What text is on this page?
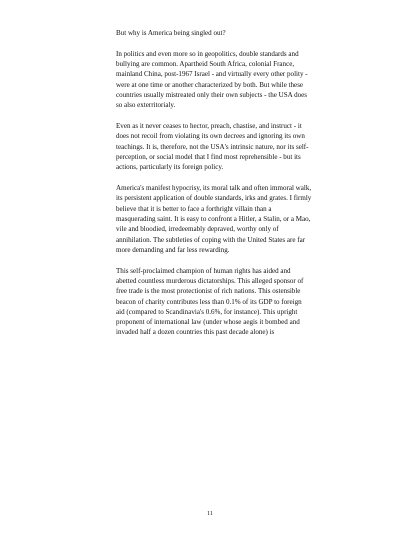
But why is America being singled out?

In politics and even more so in geopolitics, double standards and bullying are common. Apartheid South Africa, colonial France, mainland China, post-1967 Israel - and virtually every other polity - were at one time or another characterized by both. But while these countries usually mistreated only their own subjects - the USA does so also exterritorialy.

Even as it never ceases to hector, preach, chastise, and instruct - it does not recoil from violating its own decrees and ignoring its own teachings. It is, therefore, not the USA's intrinsic nature, nor its self-perception, or social model that I find most reprehensible - but its actions, particularly its foreign policy.

America's manifest hypocrisy, its moral talk and often immoral walk, its persistent application of double standards, irks and grates. I firmly believe that it is better to face a forthright villain than a masquerading saint. It is easy to confront a Hitler, a Stalin, or a Mao, vile and bloodied, irredeemably depraved, worthy only of annihilation. The subtleties of coping with the United States are far more demanding and far less rewarding.

This self-proclaimed champion of human rights has aided and abetted countless murderous dictatorships. This alleged sponsor of free trade is the most protectionist of rich nations. This ostensible beacon of charity contributes less than 0.1% of its GDP to foreign aid (compared to Scandinavia's 0.6%, for instance). This upright proponent of international law (under whose aegis it bombed and invaded half a dozen countries this past decade alone) is

11
